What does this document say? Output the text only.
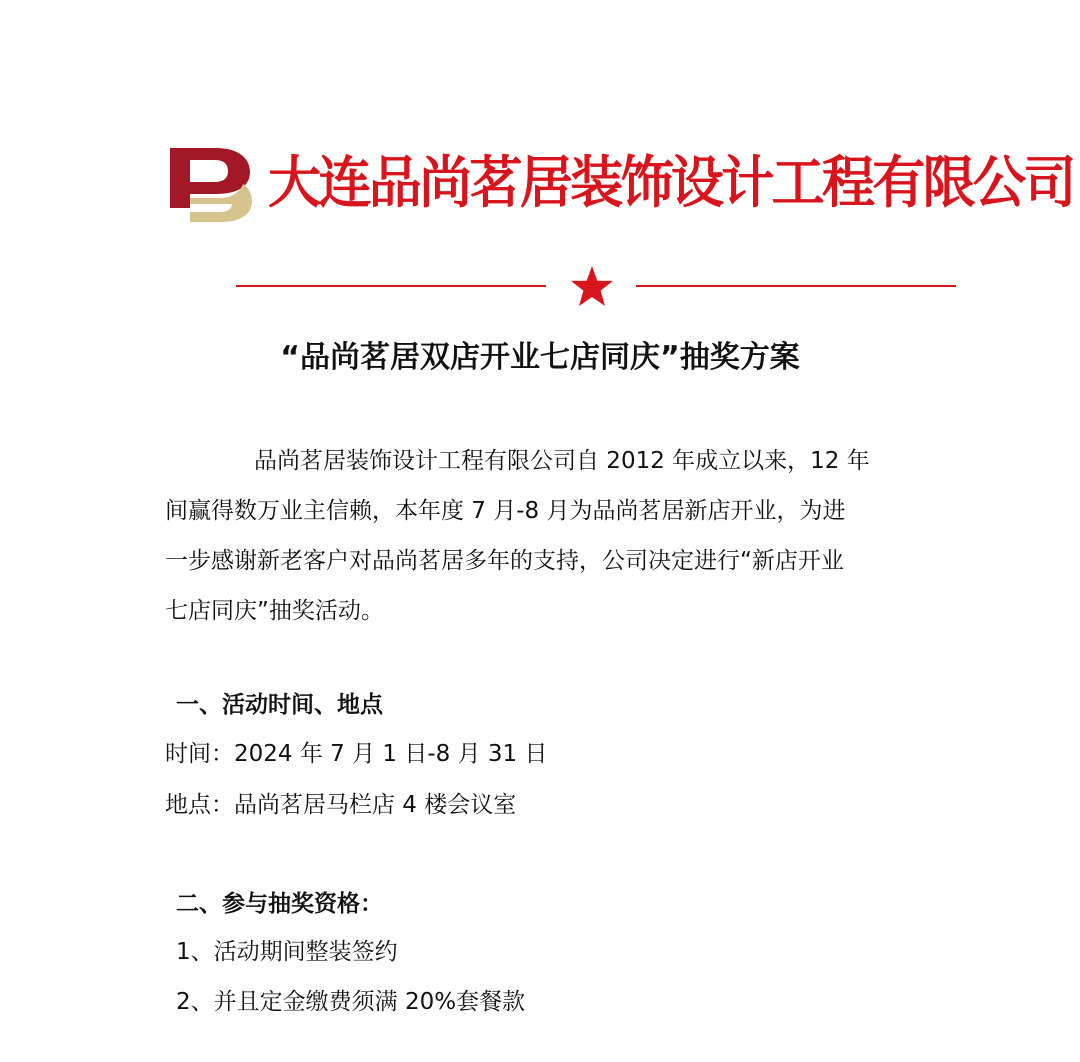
大连品尚茗居装饰设计工程有限公司
“品尚茗居双店开业七店同庆”抽奖方案
品尚茗居装饰设计工程有限公司自 2012 年成立以来，12 年
间赢得数万业主信赖，本年度 7 月-8 月为品尚茗居新店开业，为进
一步感谢新老客户对品尚茗居多年的支持，公司决定进行“新店开业
七店同庆”抽奖活动。
一、活动时间、地点
时间：2024 年 7 月 1 日-8 月 31 日
地点：品尚茗居马栏店 4 楼会议室
二、参与抽奖资格：
1、活动期间整装签约
2、并且定金缴费须满 20%套餐款
